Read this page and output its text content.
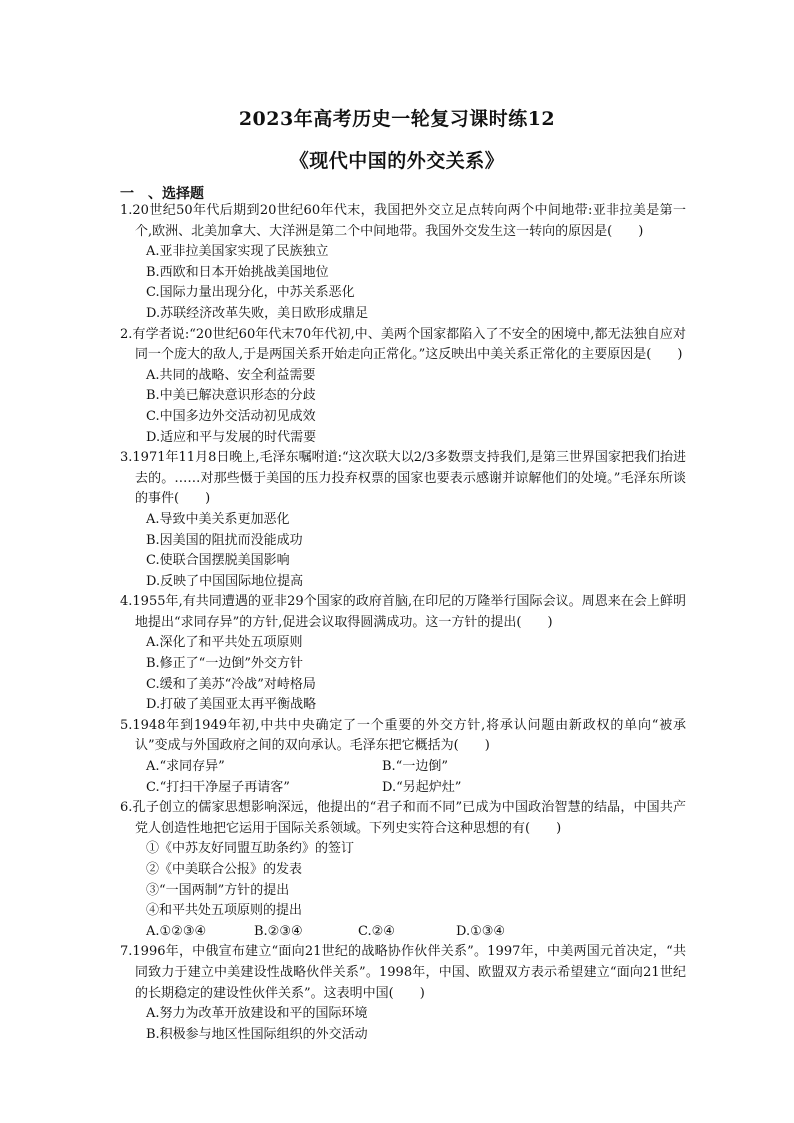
2023年高考历史一轮复习课时练12
《现代中国的外交关系》
一　、选择题
1.20世纪50年代后期到20世纪60年代末，我国把外交立足点转向两个中间地带:亚非拉美是第一个,欧洲、北美加拿大、大洋洲是第二个中间地带。我国外交发生这一转向的原因是(　　)
A.亚非拉美国家实现了民族独立
B.西欧和日本开始挑战美国地位
C.国际力量出现分化，中苏关系恶化
D.苏联经济改革失败，美日欧形成鼎足
2.有学者说:“20世纪60年代末70年代初,中、美两个国家都陷入了不安全的困境中,都无法独自应对同一个庞大的敌人,于是两国关系开始走向正常化。”这反映出中美关系正常化的主要原因是(　　)
A.共同的战略、安全利益需要
B.中美已解决意识形态的分歧
C.中国多边外交活动初见成效
D.适应和平与发展的时代需要
3.1971年11月8日晚上,毛泽东嘱咐道:“这次联大以2/3多数票支持我们,是第三世界国家把我们抬进去的。……对那些慑于美国的压力投弃权票的国家也要表示感谢并谅解他们的处境。”毛泽东所谈的事件(　　)
A.导致中美关系更加恶化
B.因美国的阻扰而没能成功
C.使联合国摆脱美国影响
D.反映了中国国际地位提高
4.1955年,有共同遭遇的亚非29个国家的政府首脑,在印尼的万隆举行国际会议。周恩来在会上鲜明地提出“求同存异”的方针,促进会议取得圆满成功。这一方针的提出(　　)
A.深化了和平共处五项原则
B.修正了“一边倒”外交方针
C.缓和了美苏“冷战”对峙格局
D.打破了美国亚太再平衡战略
5.1948年到1949年初,中共中央确定了一个重要的外交方针,将承认问题由新政权的单向“被承认”变成与外国政府之间的双向承认。毛泽东把它概括为(　　)
A.“求同存异”	B.“一边倒”
C.“打扫干净屋子再请客”	D.“另起炉灶”
6.孔子创立的儒家思想影响深远，他提出的“君子和而不同”已成为中国政治智慧的结晶，中国共产党人创造性地把它运用于国际关系领域。下列史实符合这种思想的有(　　)
①《中苏友好同盟互助条约》的签订
②《中美联合公报》的发表
③“一国两制”方针的提出
④和平共处五项原则的提出
A.①②③④	B.②③④	C.②④	D.①③④
7.1996年，中俄宣布建立“面向21世纪的战略协作伙伴关系”。1997年，中美两国元首决定，“共同致力于建立中美建设性战略伙伴关系”。1998年，中国、欧盟双方表示希望建立“面向21世纪的长期稳定的建设性伙伴关系”。这表明中国(　　)
A.努力为改革开放建设和平的国际环境
B.积极参与地区性国际组织的外交活动
